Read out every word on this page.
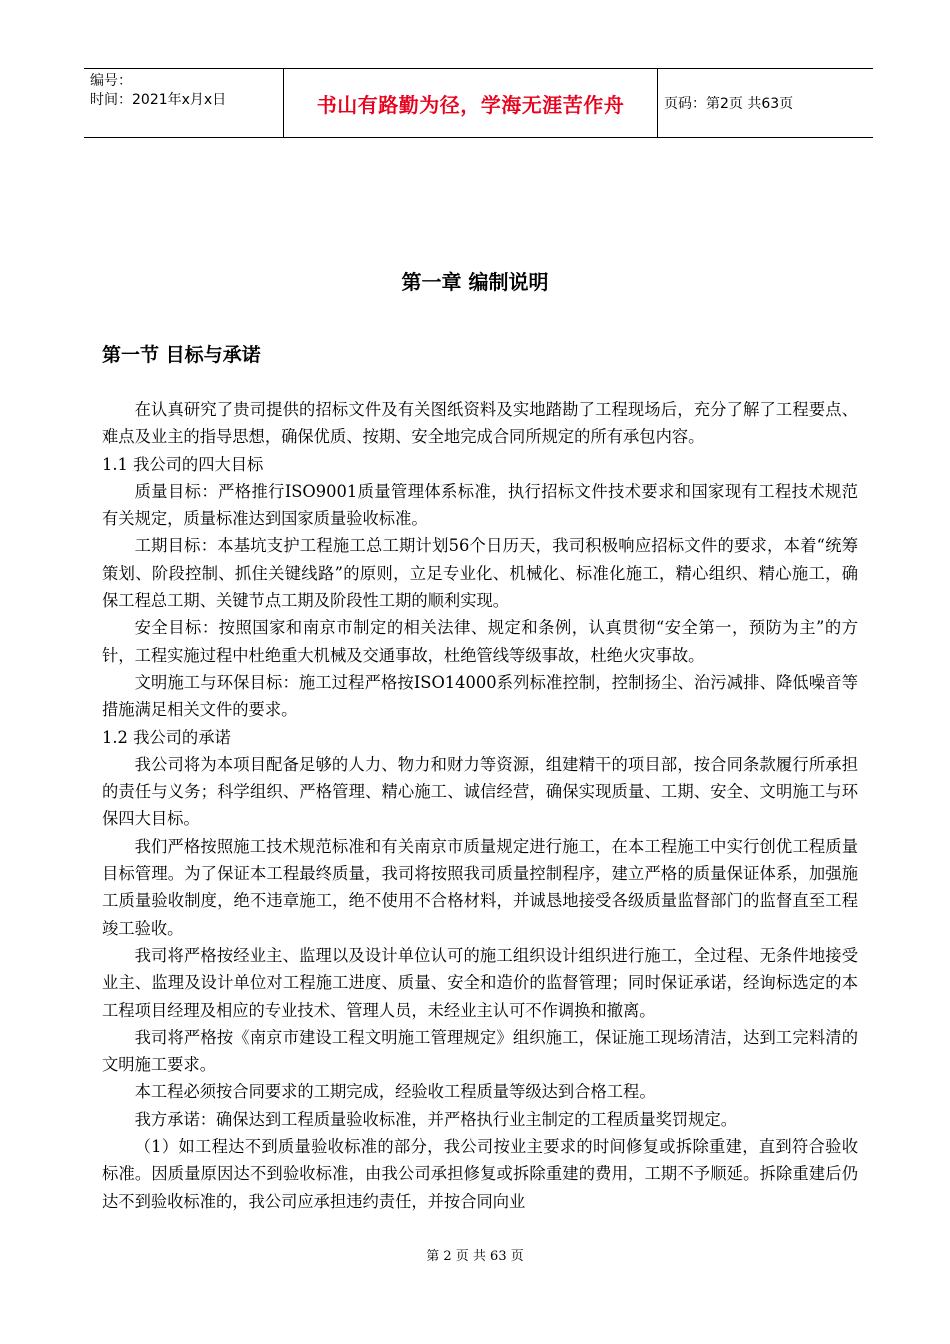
编号：
时间：2021年x月x日	书山有路勤为径，学海无涯苦作舟	页码：第2页 共63页
第一章 编制说明
第一节 目标与承诺

在认真研究了贵司提供的招标文件及有关图纸资料及实地踏勘了工程现场后，充分了解了工程要点、难点及业主的指导思想，确保优质、按期、安全地完成合同所规定的所有承包内容。

1.1 我公司的四大目标

质量目标：严格推行ISO9001质量管理体系标准，执行招标文件技术要求和国家现有工程技术规范有关规定，质量标准达到国家质量验收标准。

工期目标：本基坑支护工程施工总工期计划56个日历天，我司积极响应招标文件的要求，本着“统筹策划、阶段控制、抓住关键线路”的原则，立足专业化、机械化、标准化施工，精心组织、精心施工，确保工程总工期、关键节点工期及阶段性工期的顺利实现。

安全目标：按照国家和南京市制定的相关法律、规定和条例，认真贯彻“安全第一，预防为主”的方针，工程实施过程中杜绝重大机械及交通事故，杜绝管线等级事故，杜绝火灾事故。

文明施工与环保目标：施工过程严格按ISO14000系列标准控制，控制扬尘、治污减排、降低噪音等措施满足相关文件的要求。

1.2 我公司的承诺

我公司将为本项目配备足够的人力、物力和财力等资源，组建精干的项目部，按合同条款履行所承担的责任与义务；科学组织、严格管理、精心施工、诚信经营，确保实现质量、工期、安全、文明施工与环保四大目标。

我们严格按照施工技术规范标准和有关南京市质量规定进行施工，在本工程施工中实行创优工程质量目标管理。为了保证本工程最终质量，我司将按照我司质量控制程序，建立严格的质量保证体系，加强施工质量验收制度，绝不违章施工，绝不使用不合格材料，并诚恳地接受各级质量监督部门的监督直至工程竣工验收。

我司将严格按经业主、监理以及设计单位认可的施工组织设计组织进行施工，全过程、无条件地接受业主、监理及设计单位对工程施工进度、质量、安全和造价的监督管理；同时保证承诺，经询标选定的本工程项目经理及相应的专业技术、管理人员，未经业主认可不作调换和撤离。

我司将严格按《南京市建设工程文明施工管理规定》组织施工，保证施工现场清洁，达到工完料清的文明施工要求。

本工程必须按合同要求的工期完成，经验收工程质量等级达到合格工程。

我方承诺：确保达到工程质量验收标准，并严格执行业主制定的工程质量奖罚规定。

（1）如工程达不到质量验收标准的部分，我公司按业主要求的时间修复或拆除重建，直到符合验收标准。因质量原因达不到验收标准，由我公司承担修复或拆除重建的费用，工期不予顺延。拆除重建后仍达不到验收标准的，我公司应承担违约责任，并按合同向业

第 2 页 共 63 页
